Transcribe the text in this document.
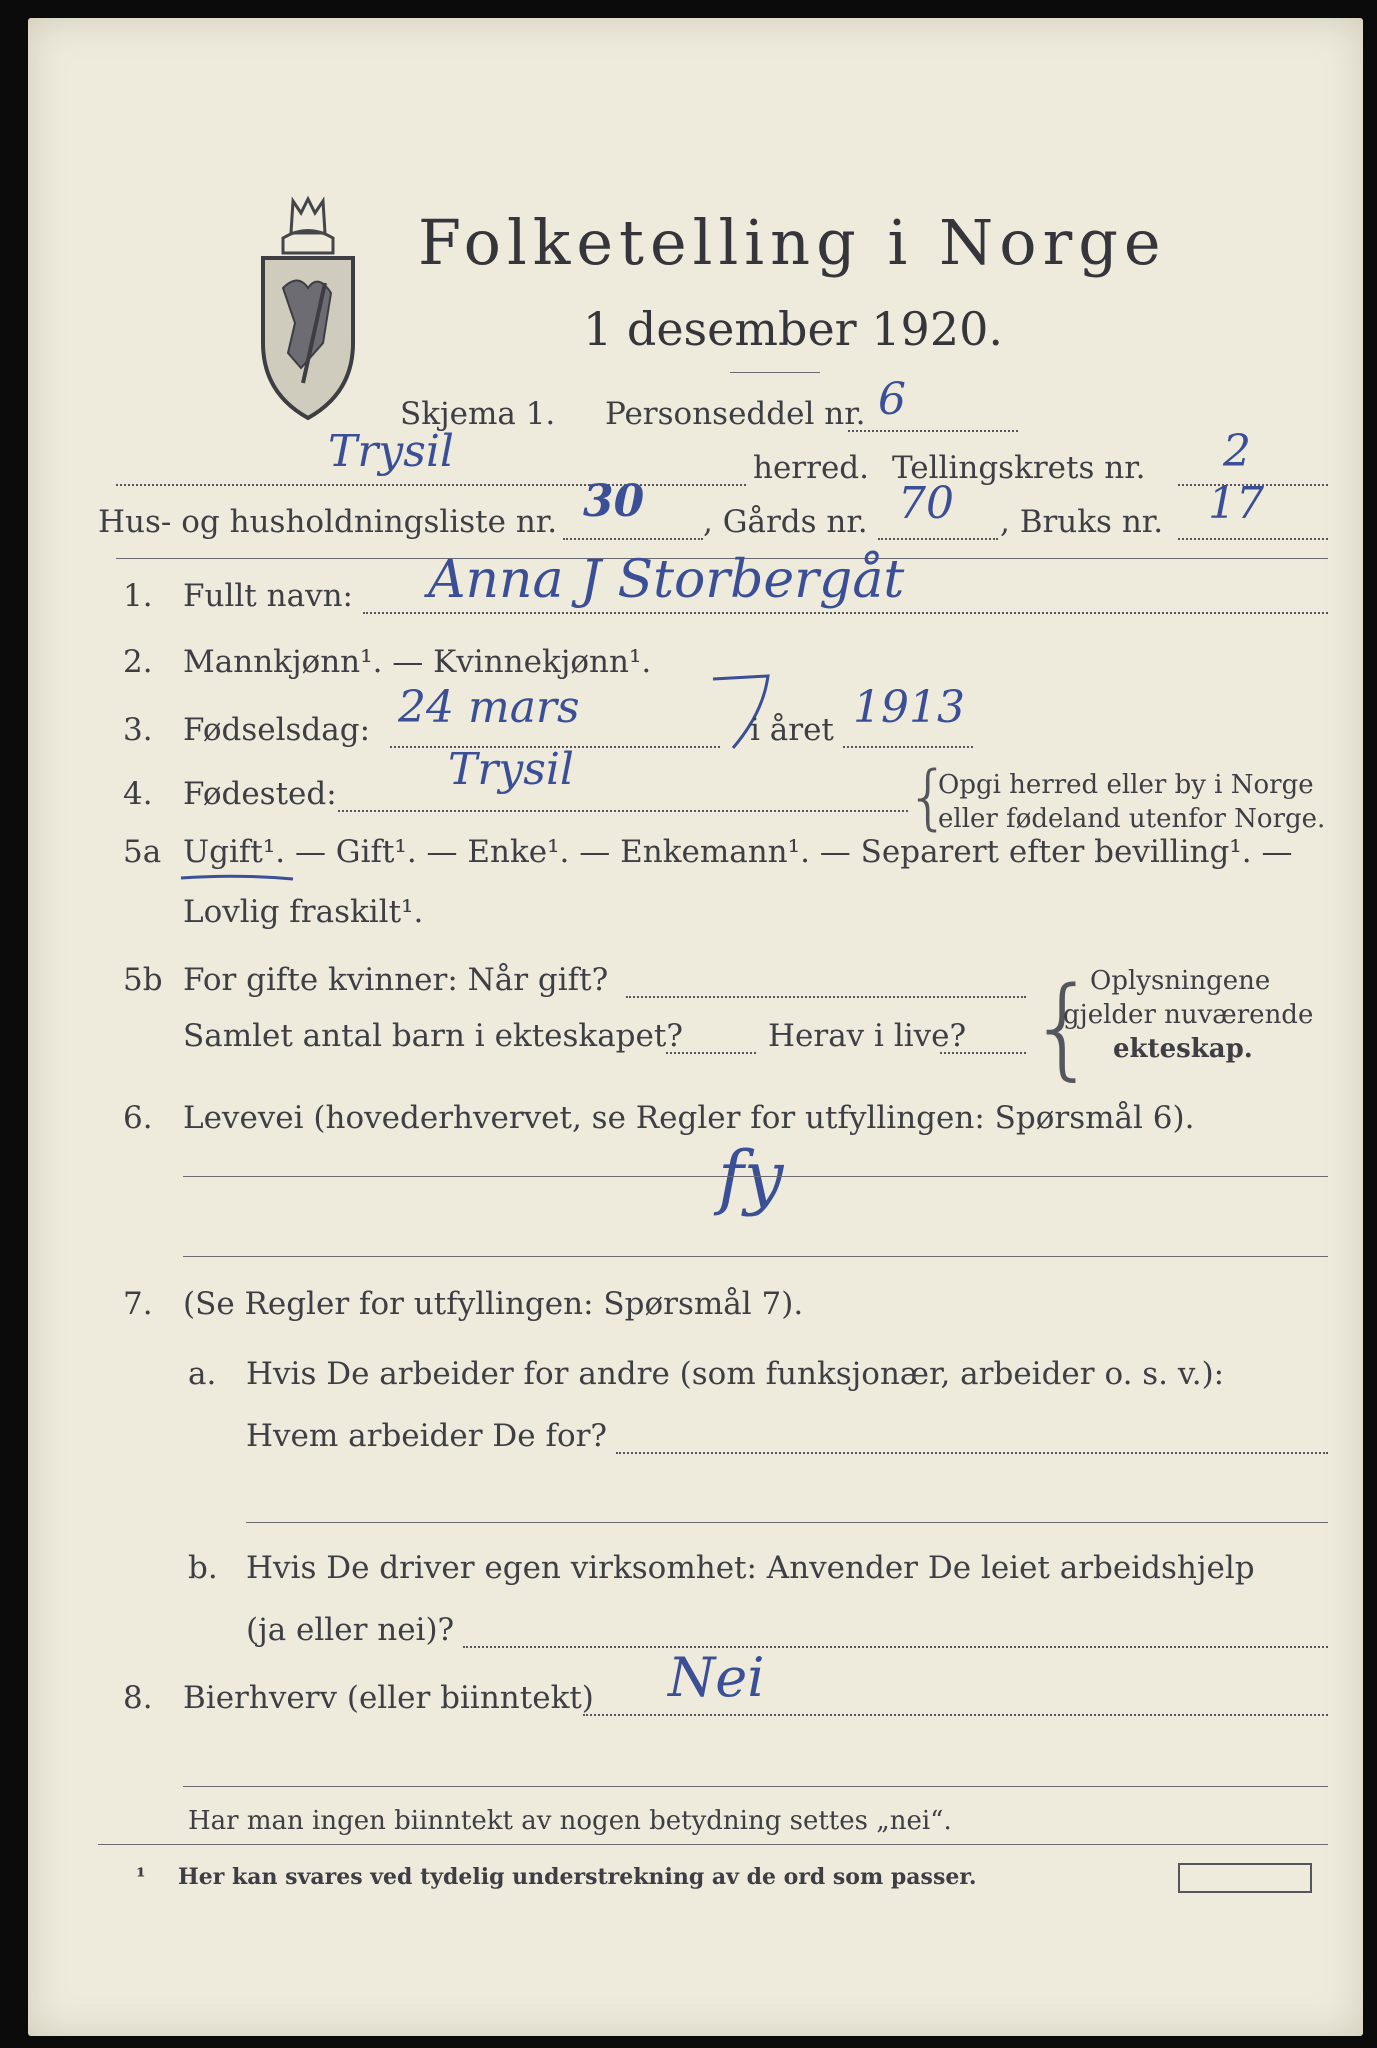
Folketelling i Norge
1 desember 1920.
Skjema 1. Personseddel nr. 6
Trysil	herred. Tellingskrets nr. 2
Hus- og husholdningsliste nr. 30 , Gårds nr. 70 , Bruks nr. 17
1. Fullt navn: Anna J Storbergåt
2. Mannkjønn¹. — Kvinnekjønn¹.
3. Fødselsdag: 24 mars	i året 1913
4. Fødested:	Trysil	{
Opgi herred eller by i Norge
eller fødeland utenfor Norge.
5a Ugift¹. — Gift¹. — Enke¹. — Enkemann¹. — Separert efter bevilling¹. —
Lovlig fraskilt¹.
5b For gifte kvinner: Når gift?
Samlet antal barn i ekteskapet?	Herav i live? {
Oplysningene
gjelder nuværende
ekteskap.
6. Levevei (hovederhvervet, se Regler for utfyllingen: Spørsmål 6).
fy
7. (Se Regler for utfyllingen: Spørsmål 7).
a. Hvis De arbeider for andre (som funksjonær, arbeider o. s. v.):
Hvem arbeider De for?
b. Hvis De driver egen virksomhet: Anvender De leiet arbeidshjelp
(ja eller nei)?
8. Bierhverv (eller biinntekt) Nei
Har man ingen biinntekt av nogen betydning settes „nei“.
¹ Her kan svares ved tydelig understrekning av de ord som passer.
